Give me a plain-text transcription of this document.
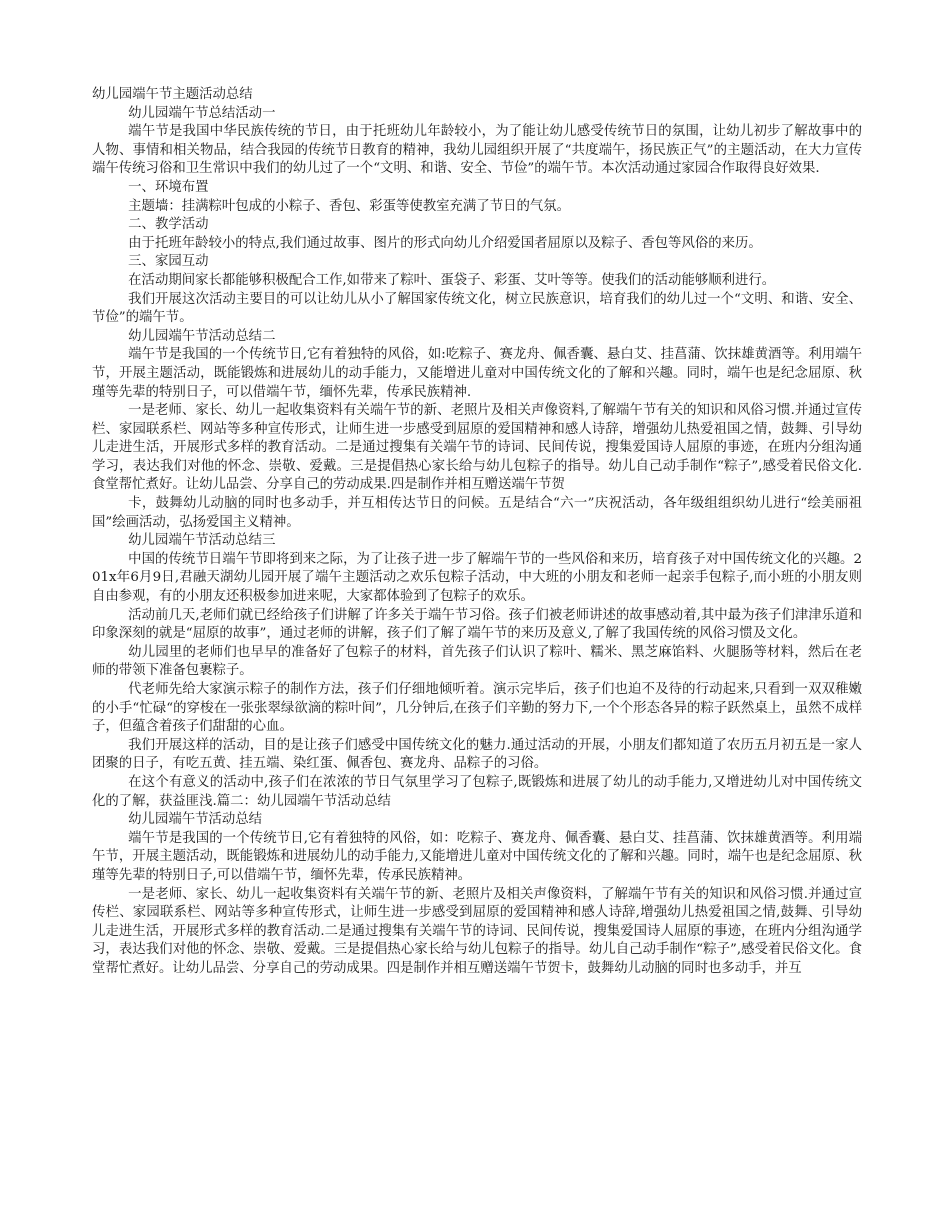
幼儿园端午节主题活动总结
幼儿园端午节总结活动一
端午节是我国中华民族传统的节日，由于托班幼儿年龄较小，为了能让幼儿感受传统节日的氛围，让幼儿初步了解故事中的人物、事情和相关物品，结合我园的传统节日教育的精神，我幼儿园组织开展了“共度端午，扬民族正气”的主题活动，在大力宣传端午传统习俗和卫生常识中我们的幼儿过了一个“文明、和谐、安全、节俭”的端午节。本次活动通过家园合作取得良好效果.
一、环境布置
主题墙：挂满粽叶包成的小粽子、香包、彩蛋等使教室充满了节日的气氛。
二、教学活动
由于托班年龄较小的特点,我们通过故事、图片的形式向幼儿介绍爱国者屈原以及粽子、香包等风俗的来历。
三、家园互动
在活动期间家长都能够积极配合工作,如带来了粽叶、蛋袋子、彩蛋、艾叶等等。使我们的活动能够顺利进行。
我们开展这次活动主要目的可以让幼儿从小了解国家传统文化，树立民族意识，培育我们的幼儿过一个“文明、和谐、安全、节俭”的端午节。
幼儿园端午节活动总结二
端午节是我国的一个传统节日,它有着独特的风俗，如:吃粽子、赛龙舟、佩香囊、悬白艾、挂菖蒲、饮抹雄黄酒等。利用端午节，开展主题活动，既能锻炼和进展幼儿的动手能力，又能增进儿童对中国传统文化的了解和兴趣。同时，端午也是纪念屈原、秋瑾等先辈的特别日子，可以借端午节，缅怀先辈，传承民族精神.
一是老师、家长、幼儿一起收集资料有关端午节的新、老照片及相关声像资料,了解端午节有关的知识和风俗习惯.并通过宣传栏、家园联系栏、网站等多种宣传形式，让师生进一步感受到屈原的爱国精神和感人诗辞，增强幼儿热爱祖国之情，鼓舞、引导幼儿走进生活，开展形式多样的教育活动。二是通过搜集有关端午节的诗词、民间传说，搜集爱国诗人屈原的事迹，在班内分组沟通学习，表达我们对他的怀念、崇敬、爱戴。三是提倡热心家长给与幼儿包粽子的指导。幼儿自己动手制作“粽子”,感受着民俗文化.食堂帮忙煮好。让幼儿品尝、分享自己的劳动成果.四是制作并相互赠送端午节贺
卡，鼓舞幼儿动脑的同时也多动手，并互相传达节日的问候。五是结合“六一”庆祝活动，各年级组组织幼儿进行“绘美丽祖国”绘画活动，弘扬爱国主义精神。
幼儿园端午节活动总结三
中国的传统节日端午节即将到来之际，为了让孩子进一步了解端午节的一些风俗和来历，培育孩子对中国传统文化的兴趣。201x年6月9日,君融天湖幼儿园开展了端午主题活动之欢乐包粽子活动，中大班的小朋友和老师一起亲手包粽子,而小班的小朋友则自由参观，有的小朋友还积极参加进来呢，大家都体验到了包粽子的欢乐。
活动前几天,老师们就已经给孩子们讲解了许多关于端午节习俗。孩子们被老师讲述的故事感动着,其中最为孩子们津津乐道和印象深刻的就是“屈原的故事”，通过老师的讲解，孩子们了解了端午节的来历及意义,了解了我国传统的风俗习惯及文化。
幼儿园里的老师们也早早的准备好了包粽子的材料，首先孩子们认识了粽叶、糯米、黑芝麻馅料、火腿肠等材料，然后在老师的带领下准备包裹粽子。
代老师先给大家演示粽子的制作方法，孩子们仔细地倾听着。演示完毕后，孩子们也迫不及待的行动起来,只看到一双双稚嫩的小手“忙碌“的穿梭在一张张翠绿欲滴的粽叶间”，几分钟后,在孩子们辛勤的努力下,一个个形态各异的粽子跃然桌上，虽然不成样子，但蕴含着孩子们甜甜的心血。
我们开展这样的活动，目的是让孩子们感受中国传统文化的魅力.通过活动的开展，小朋友们都知道了农历五月初五是一家人团聚的日子，有吃五黄、挂五端、染红蛋、佩香包、赛龙舟、品粽子的习俗。
在这个有意义的活动中,孩子们在浓浓的节日气氛里学习了包粽子,既锻炼和进展了幼儿的动手能力,又增进幼儿对中国传统文化的了解，获益匪浅.篇二：幼儿园端午节活动总结
幼儿园端午节活动总结
端午节是我国的一个传统节日,它有着独特的风俗，如：吃粽子、赛龙舟、佩香囊、悬白艾、挂菖蒲、饮抹雄黄酒等。利用端午节，开展主题活动，既能锻炼和进展幼儿的动手能力,又能增进儿童对中国传统文化的了解和兴趣。同时，端午也是纪念屈原、秋瑾等先辈的特别日子,可以借端午节，缅怀先辈，传承民族精神。
一是老师、家长、幼儿一起收集资料有关端午节的新、老照片及相关声像资料，了解端午节有关的知识和风俗习惯.并通过宣传栏、家园联系栏、网站等多种宣传形式，让师生进一步感受到屈原的爱国精神和感人诗辞,增强幼儿热爱祖国之情,鼓舞、引导幼儿走进生活，开展形式多样的教育活动.二是通过搜集有关端午节的诗词、民间传说，搜集爱国诗人屈原的事迹，在班内分组沟通学习，表达我们对他的怀念、崇敬、爱戴。三是提倡热心家长给与幼儿包粽子的指导。幼儿自己动手制作“粽子”,感受着民俗文化。食堂帮忙煮好。让幼儿品尝、分享自己的劳动成果。四是制作并相互赠送端午节贺卡，鼓舞幼儿动脑的同时也多动手，并互
